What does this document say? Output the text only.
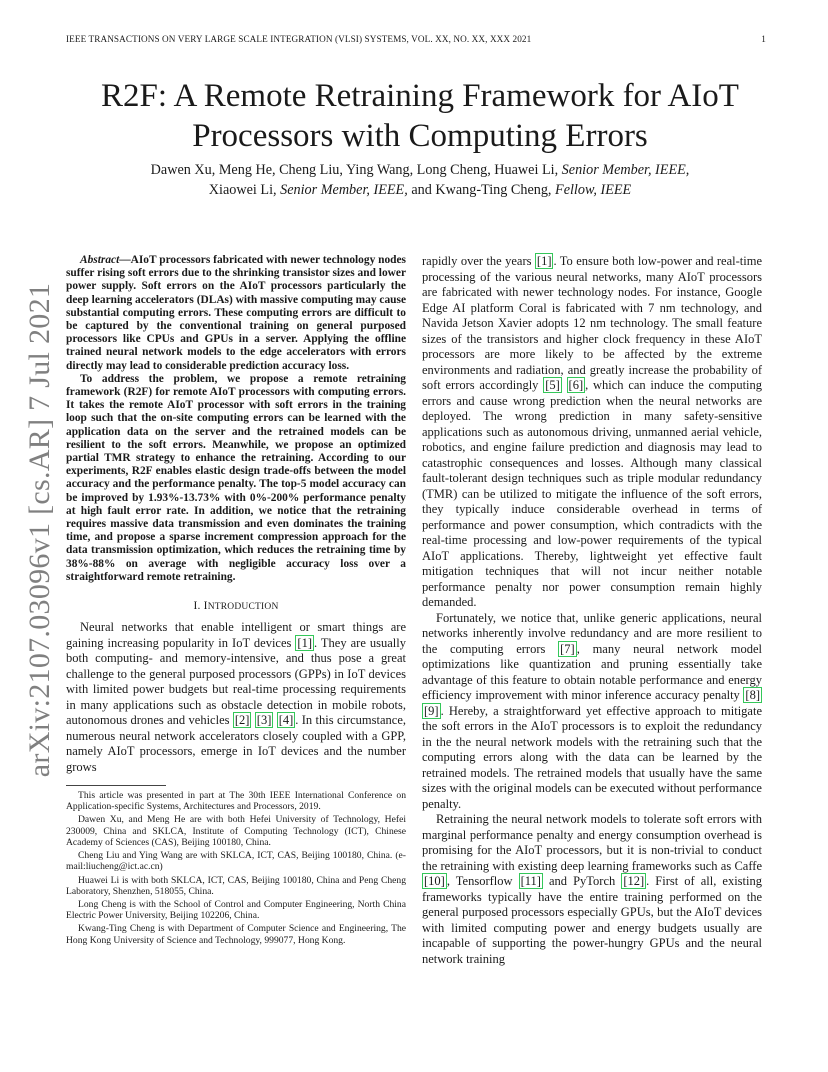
IEEE TRANSACTIONS ON VERY LARGE SCALE INTEGRATION (VLSI) SYSTEMS, VOL. XX, NO. XX, XXX 2021	1
R2F: A Remote Retraining Framework for AIoT
Processors with Computing Errors
Dawen Xu, Meng He, Cheng Liu, Ying Wang, Long Cheng, Huawei Li, Senior Member, IEEE,
Xiaowei Li, Senior Member, IEEE, and Kwang-Ting Cheng, Fellow, IEEE
arXiv:2107.03096v1 [cs.AR] 7 Jul 2021

Abstract—AIoT processors fabricated with newer technology nodes suffer rising soft errors due to the shrinking transistor sizes and lower power supply. Soft errors on the AIoT processors particularly the deep learning accelerators (DLAs) with massive computing may cause substantial computing errors. These computing errors are difficult to be captured by the conventional training on general purposed processors like CPUs and GPUs in a server. Applying the offline trained neural network models to the edge accelerators with errors directly may lead to considerable prediction accuracy loss.

To address the problem, we propose a remote retraining framework (R2F) for remote AIoT processors with computing errors. It takes the remote AIoT processor with soft errors in the training loop such that the on-site computing errors can be learned with the application data on the server and the retrained models can be resilient to the soft errors. Meanwhile, we propose an optimized partial TMR strategy to enhance the retraining. According to our experiments, R2F enables elastic design trade-offs between the model accuracy and the performance penalty. The top-5 model accuracy can be improved by 1.93%-13.73% with 0%-200% performance penalty at high fault error rate. In addition, we notice that the retraining requires massive data transmission and even dominates the training time, and propose a sparse increment compression approach for the data transmission optimization, which reduces the retraining time by 38%-88% on average with negligible accuracy loss over a straightforward remote retraining.

I. INTRODUCTION

Neural networks that enable intelligent or smart things are gaining increasing popularity in IoT devices [1] . They are usually both computing- and memory-intensive, and thus pose a great challenge to the general purposed processors (GPPs) in IoT devices with limited power budgets but real-time processing requirements in many applications such as obstacle detection in mobile robots, autonomous drones and vehicles [2] [3] [4] . In this circumstance, numerous neural network accelerators closely coupled with a GPP, namely AIoT processors, emerge in IoT devices and the number grows

This article was presented in part at The 30th IEEE International Conference on Application-specific Systems, Architectures and Processors, 2019.

Dawen Xu, and Meng He are with both Hefei University of Technology, Hefei 230009, China and SKLCA, Institute of Computing Technology (ICT), Chinese Academy of Sciences (CAS), Beijing 100180, China.

Cheng Liu and Ying Wang are with SKLCA, ICT, CAS, Beijing 100180, China. (e-mail:liucheng@ict.ac.cn)

Huawei Li is with both SKLCA, ICT, CAS, Beijing 100180, China and Peng Cheng Laboratory, Shenzhen, 518055, China.

Long Cheng is with the School of Control and Computer Engineering, North China Electric Power University, Beijing 102206, China.

Kwang-Ting Cheng is with Department of Computer Science and Engineering, The Hong Kong University of Science and Technology, 999077, Hong Kong.

rapidly over the years [1] . To ensure both low-power and real-time processing of the various neural networks, many AIoT processors are fabricated with newer technology nodes. For instance, Google Edge AI platform Coral is fabricated with 7 nm technology, and Navida Jetson Xavier adopts 12 nm technology. The small feature sizes of the transistors and higher clock frequency in these AIoT processors are more likely to be affected by the extreme environments and radiation, and greatly increase the probability of soft errors accordingly [5] [6] , which can induce the computing errors and cause wrong prediction when the neural networks are deployed. The wrong prediction in many safety-sensitive applications such as autonomous driving, unmanned aerial vehicle, robotics, and engine failure prediction and diagnosis may lead to catastrophic consequences and losses. Although many classical fault-tolerant design techniques such as triple modular redundancy (TMR) can be utilized to mitigate the influence of the soft errors, they typically induce considerable overhead in terms of performance and power consumption, which contradicts with the real-time processing and low-power requirements of the typical AIoT applications. Thereby, lightweight yet effective fault mitigation techniques that will not incur neither notable performance penalty nor power consumption remain highly demanded.

Fortunately, we notice that, unlike generic applications, neural networks inherently involve redundancy and are more resilient to the computing errors [7] , many neural network model optimizations like quantization and pruning essentially take advantage of this feature to obtain notable performance and energy efficiency improvement with minor inference accuracy penalty [8] [9] . Hereby, a straightforward yet effective approach to mitigate the soft errors in the AIoT processors is to exploit the redundancy in the the neural network models with the retraining such that the computing errors along with the data can be learned by the retrained models. The retrained models that usually have the same sizes with the original models can be executed without performance penalty.

Retraining the neural network models to tolerate soft errors with marginal performance penalty and energy consumption overhead is promising for the AIoT processors, but it is non-trivial to conduct the retraining with existing deep learning frameworks such as Caffe [10] , Tensorflow [11] and PyTorch [12] . First of all, existing frameworks typically have the entire training performed on the general purposed processors especially GPUs, but the AIoT devices with limited computing power and energy budgets usually are incapable of supporting the power-hungry GPUs and the neural network training
